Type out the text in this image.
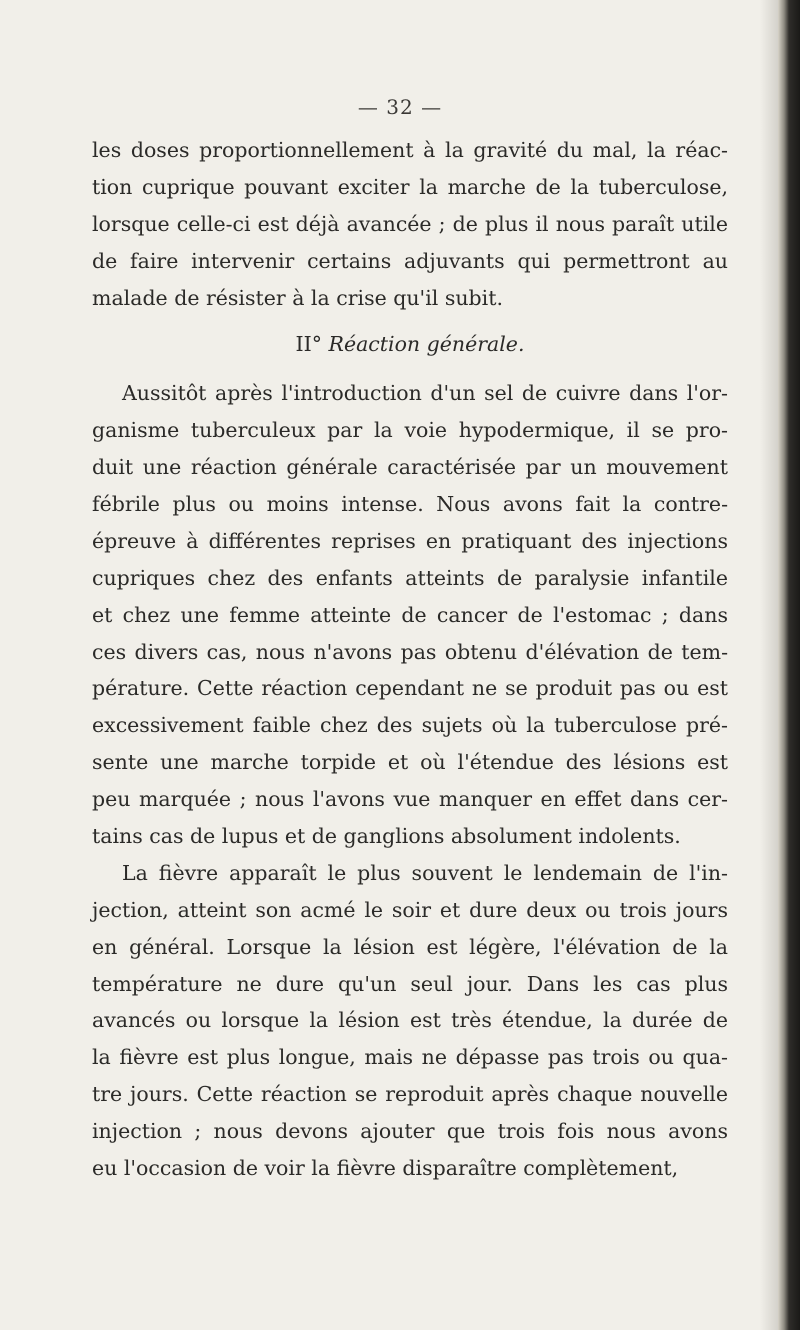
— 32 —
les doses proportionnellement à la gravité du mal, la réac-
tion cuprique pouvant exciter la marche de la tuberculose,
lorsque celle-ci est déjà avancée ; de plus il nous paraît utile
de faire intervenir certains adjuvants qui permettront au
malade de résister à la crise qu'il subit.
II° Réaction générale.
Aussitôt après l'introduction d'un sel de cuivre dans l'or-
ganisme tuberculeux par la voie hypodermique, il se pro-
duit une réaction générale caractérisée par un mouvement
fébrile plus ou moins intense. Nous avons fait la contre-
épreuve à différentes reprises en pratiquant des injections
cupriques chez des enfants atteints de paralysie infantile
et chez une femme atteinte de cancer de l'estomac ; dans
ces divers cas, nous n'avons pas obtenu d'élévation de tem-
pérature. Cette réaction cependant ne se produit pas ou est
excessivement faible chez des sujets où la tuberculose pré-
sente une marche torpide et où l'étendue des lésions est
peu marquée ; nous l'avons vue manquer en effet dans cer-
tains cas de lupus et de ganglions absolument indolents.
La fièvre apparaît le plus souvent le lendemain de l'in-
jection, atteint son acmé le soir et dure deux ou trois jours
en général. Lorsque la lésion est légère, l'élévation de la
température ne dure qu'un seul jour. Dans les cas plus
avancés ou lorsque la lésion est très étendue, la durée de
la fièvre est plus longue, mais ne dépasse pas trois ou qua-
tre jours. Cette réaction se reproduit après chaque nouvelle
injection ; nous devons ajouter que trois fois nous avons
eu l'occasion de voir la fièvre disparaître complètement,
